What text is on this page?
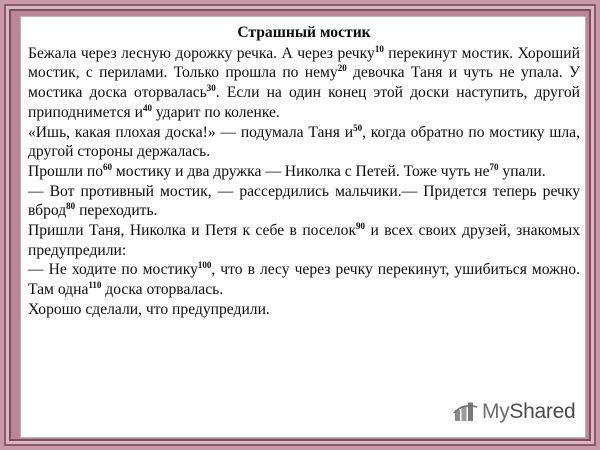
Страшный мостик

Бежала через лесную дорожку речка. А через речку$^{10}$ перекинут мостик. Хороший мостик, с перилами. Только прошла по нему$^{20}$ девочка Таня и чуть не упала. У мостика доска оторвалась$^{30}$. Если на один конец этой доски наступить, другой приподнимется $и^{40}$ ударит по коленке.

«Ишь, какая плохая доска!» — подумала Таня $и^{50}$, когда обратно по мостику шла, другой стороны держалась.

Прошли $по^{60}$ мостику и два дружка — Николка с Петей. Тоже чуть $не^{70}$ упали.

— Вот противный мостик, — рассердились мальчики.— Придется теперь речку вброд$^{80}$ переходить.

Пришли Таня, Николка и Петя к себе в поселок$^{90}$ и всех своих друзей, знакомых предупредили:

— Не ходите по мостику$^{100}$, что в лесу через речку перекинут, ушибиться можно. Там одна$^{110}$ доска оторвалась.

Хорошо сделали, что предупредили.

MyShared
